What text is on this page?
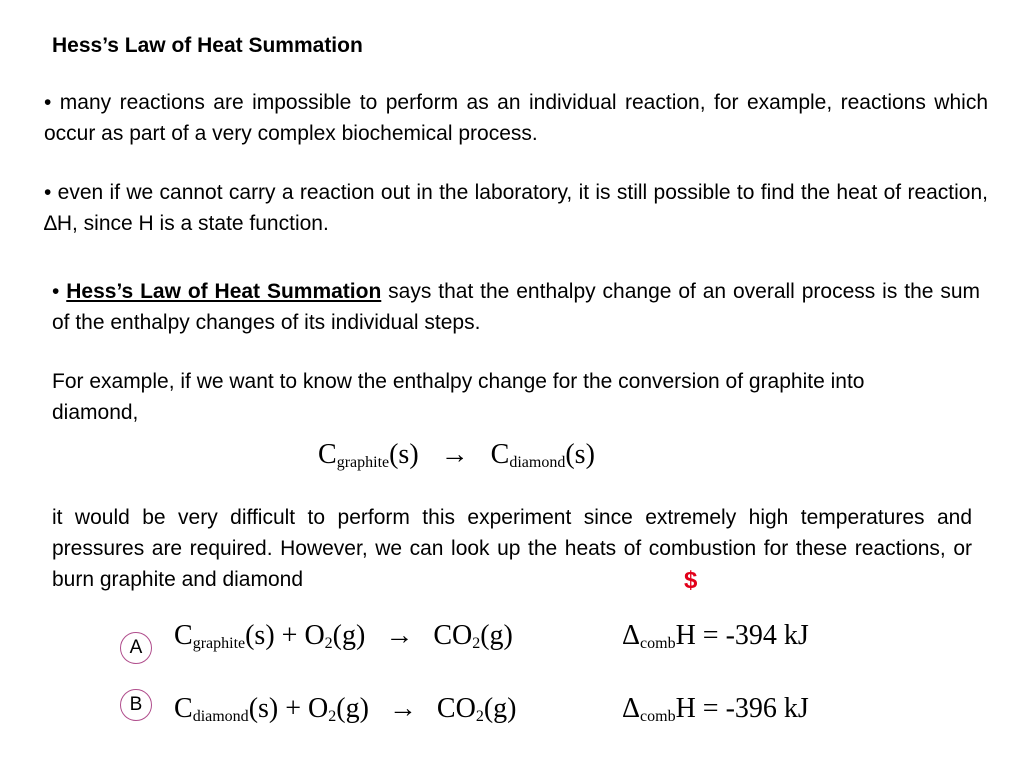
Hess’s Law of Heat Summation
• many reactions are impossible to perform as an individual reaction, for example, reactions which occur as part of a very complex biochemical process.
• even if we cannot carry a reaction out in the laboratory, it is still possible to find the heat of reaction, ∆H, since H is a state function.
• Hess’s Law of Heat Summation says that the enthalpy change of an overall process is the sum of the enthalpy changes of its individual steps.
For example, if we want to know the enthalpy change for the conversion of graphite into diamond,
$C_{graphite}(s) \to C_{diamond}(s)$
it would be very difficult to perform this experiment since extremely high temperatures and pressures are required. However, we can look up the heats of combustion for these reactions, or burn graphite and diamond	$
A	$C_{graphite}(s) + O_2(g) \to CO_2(g)$	$\Delta_{comb}H = -394$ kJ
B	$C_{diamond}(s) + O_2(g) \to CO_2(g)$	$\Delta_{comb}H = -396$ kJ
